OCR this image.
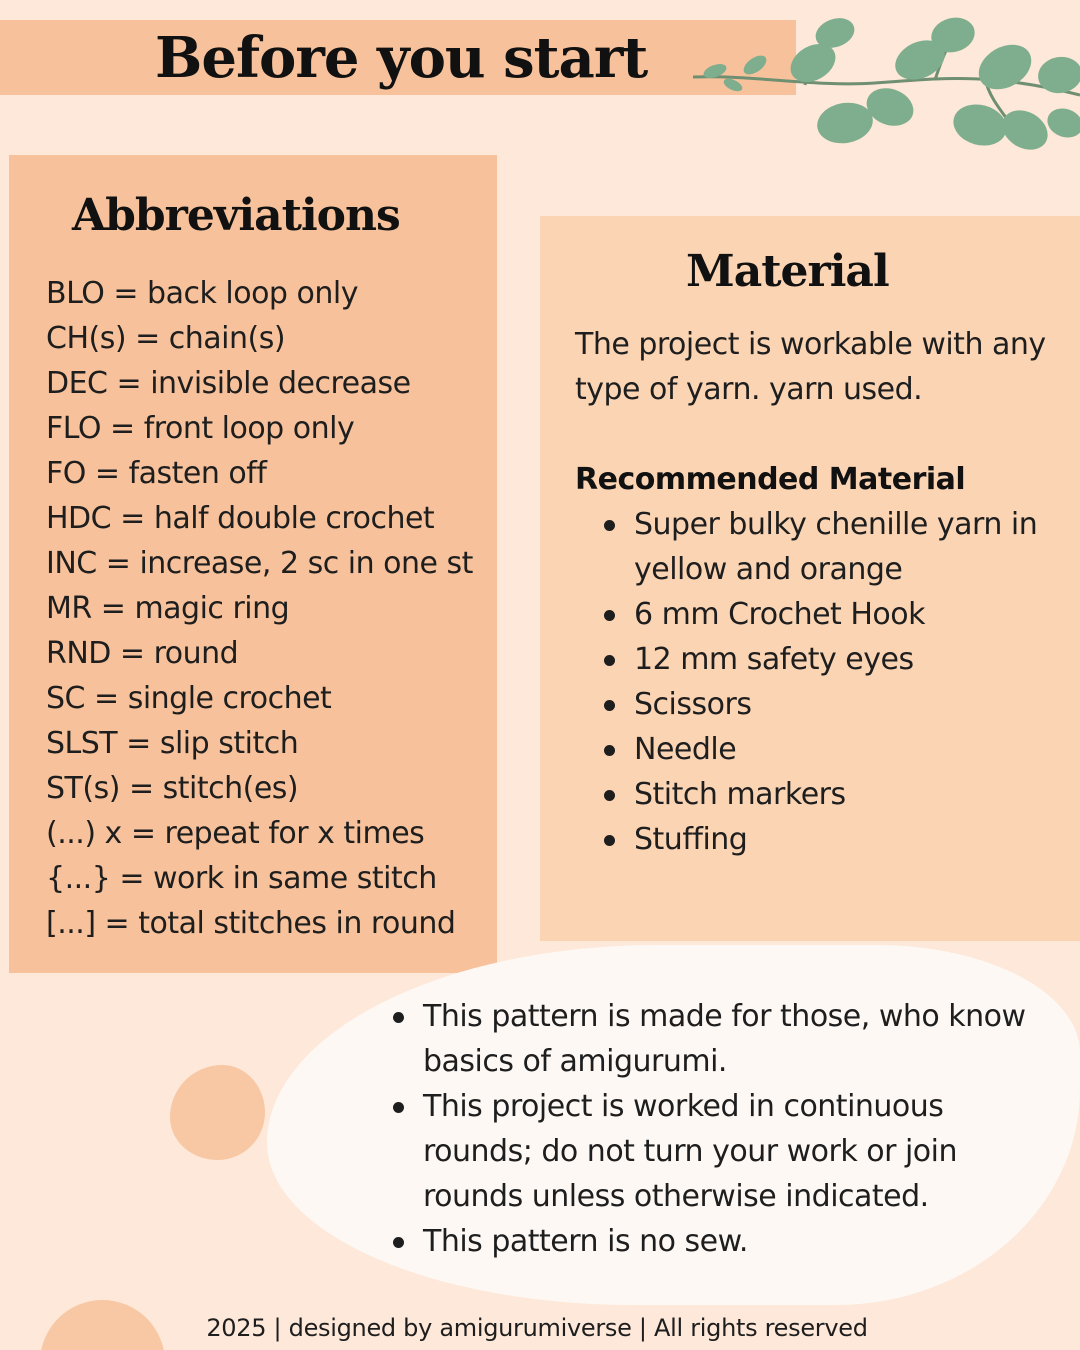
Before you start
Abbreviations
BLO = back loop only
CH(s) = chain(s)
DEC = invisible decrease
FLO = front loop only
FO = fasten off
HDC = half double crochet
INC = increase, 2 sc in one st
MR = magic ring
RND = round
SC = single crochet
SLST = slip stitch
ST(s) = stitch(es)
(...) x = repeat for x times
{...} = work in same stitch
[...] = total stitches in round
Material

The project is workable with any type of yarn. yarn used.

Recommended Material
Super bulky chenille yarn in yellow and orange
6 mm Crochet Hook
12 mm safety eyes
Scissors
Needle
Stitch markers
Stuffing
This pattern is made for those, who know basics of amigurumi.
This project is worked in continuous rounds; do not turn your work or join rounds unless otherwise indicated.
This pattern is no sew.
2025 | designed by amigurumiverse | All rights reserved
